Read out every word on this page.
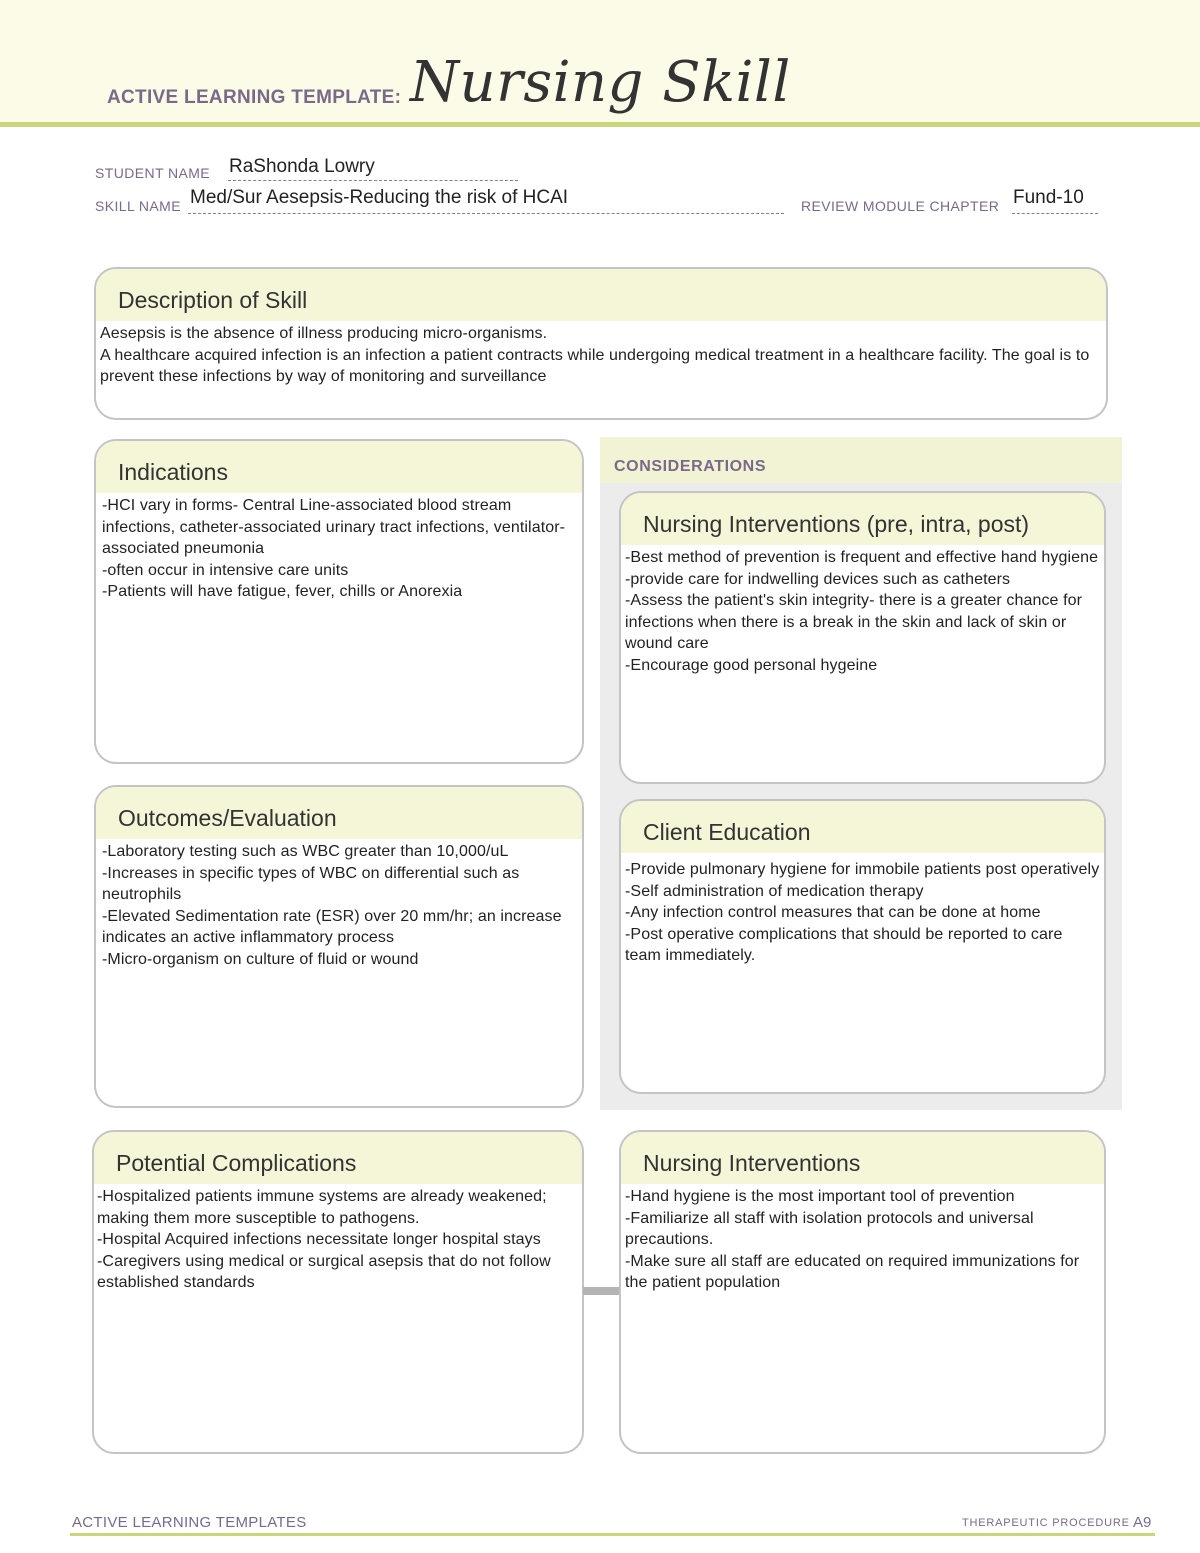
ACTIVE LEARNING TEMPLATE: Nursing Skill
STUDENT NAME RaShonda Lowry
SKILL NAME Med/Sur Aesepsis-Reducing the risk of HCAI	REVIEW MODULE CHAPTER Fund-10
Description of Skill

Aesepsis is the absence of illness producing micro-organisms.

A healthcare acquired infection is an infection a patient contracts while undergoing medical treatment in a healthcare facility. The goal is to prevent these infections by way of monitoring and surveillance

Indications

-HCI vary in forms- Central Line-associated blood stream infections, catheter-associated urinary tract infections, ventilator-associated pneumonia

-often occur in intensive care units

-Patients will have fatigue, fever, chills or Anorexia

CONSIDERATIONS
Nursing Interventions (pre, intra, post)

-Best method of prevention is frequent and effective hand hygiene

-provide care for indwelling devices such as catheters

-Assess the patient's skin integrity- there is a greater chance for infections when there is a break in the skin and lack of skin or wound care

-Encourage good personal hygeine

Outcomes/Evaluation

-Laboratory testing such as WBC greater than 10,000/uL

-Increases in specific types of WBC on differential such as neutrophils

-Elevated Sedimentation rate (ESR) over 20 mm/hr; an increase indicates an active inflammatory process

-Micro-organism on culture of fluid or wound

Client Education

-Provide pulmonary hygiene for immobile patients post operatively

-Self administration of medication therapy

-Any infection control measures that can be done at home

-Post operative complications that should be reported to care team immediately.

Potential Complications

-Hospitalized patients immune systems are already weakened; making them more susceptible to pathogens.

-Hospital Acquired infections necessitate longer hospital stays

-Caregivers using medical or surgical asepsis that do not follow established standards

Nursing Interventions

-Hand hygiene is the most important tool of prevention

-Familiarize all staff with isolation protocols and universal precautions.

-Make sure all staff are educated on required immunizations for the patient population

ACTIVE LEARNING TEMPLATES	THERAPEUTIC PROCEDURE A9
